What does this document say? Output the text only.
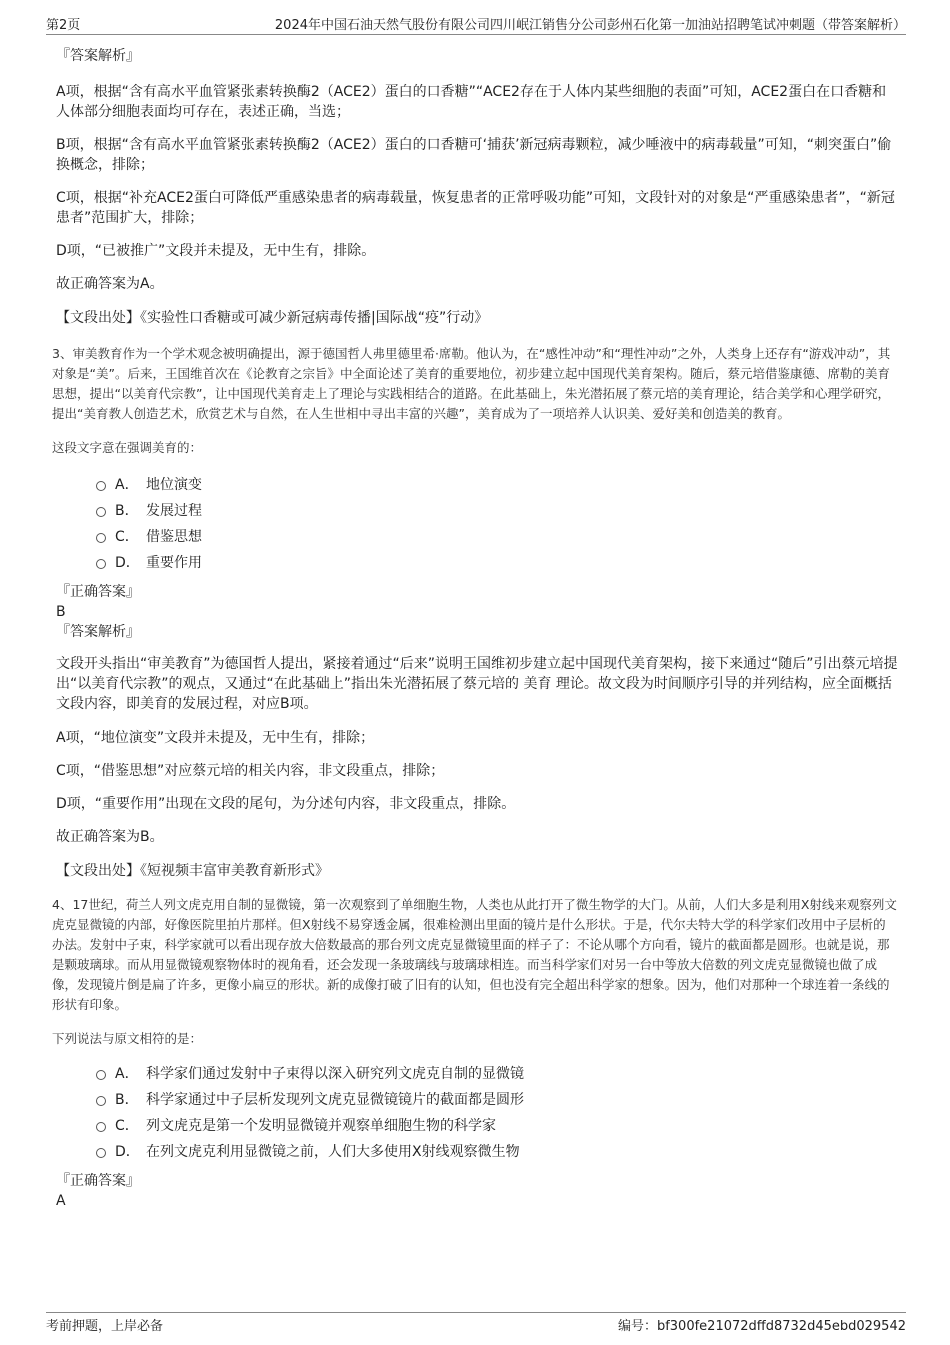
第2页	2024年中国石油天然气股份有限公司四川岷江销售分公司彭州石化第一加油站招聘笔试冲刺题（带答案解析）

『答案解析』

A项，根据“含有高水平血管紧张素转换酶2（ACE2）蛋白的口香糖”“ACE2存在于人体内某些细胞的表面”可知，ACE2蛋白在口香糖和人体部分细胞表面均可存在，表述正确，当选；

B项，根据“含有高水平血管紧张素转换酶2（ACE2）蛋白的口香糖可‘捕获’新冠病毒颗粒，减少唾液中的病毒载量”可知，“刺突蛋白”偷换概念，排除；

C项，根据“补充ACE2蛋白可降低严重感染患者的病毒载量，恢复患者的正常呼吸功能”可知，文段针对的对象是“严重感染患者”，“新冠患者”范围扩大，排除；

D项，“已被推广”文段并未提及，无中生有，排除。

故正确答案为A。

【文段出处】《实验性口香糖或可减少新冠病毒传播|国际战“疫”行动》

3、审美教育作为一个学术观念被明确提出，源于德国哲人弗里德里希·席勒。他认为，在“感性冲动”和“理性冲动”之外，人类身上还存有“游戏冲动”，其对象是“美”。后来，王国维首次在《论教育之宗旨》中全面论述了美育的重要地位，初步建立起中国现代美育架构。随后，蔡元培借鉴康德、席勒的美育思想，提出“以美育代宗教”，让中国现代美育走上了理论与实践相结合的道路。在此基础上，朱光潜拓展了蔡元培的美育理论，结合美学和心理学研究，提出“美育教人创造艺术，欣赏艺术与自然，在人生世相中寻出丰富的兴趣”，美育成为了一项培养人认识美、爱好美和创造美的教育。

这段文字意在强调美育的：

A． 地位演变
B． 发展过程
C． 借鉴思想
D． 重要作用

『正确答案』

B

『答案解析』

文段开头指出“审美教育”为德国哲人提出，紧接着通过“后来”说明王国维初步建立起中国现代美育架构，接下来通过“随后”引出蔡元培提出“以美育代宗教”的观点，又通过“在此基础上”指出朱光潜拓展了蔡元培的 美育 理论。故文段为时间顺序引导的并列结构，应全面概括文段内容，即美育的发展过程，对应B项。

A项，“地位演变”文段并未提及，无中生有，排除；

C项，“借鉴思想”对应蔡元培的相关内容，非文段重点，排除；

D项，“重要作用”出现在文段的尾句，为分述句内容，非文段重点，排除。

故正确答案为B。

【文段出处】《短视频丰富审美教育新形式》

4、17世纪，荷兰人列文虎克用自制的显微镜，第一次观察到了单细胞生物，人类也从此打开了微生物学的大门。从前，人们大多是利用X射线来观察列文虎克显微镜的内部，好像医院里拍片那样。但X射线不易穿透金属，很难检测出里面的镜片是什么形状。于是，代尔夫特大学的科学家们改用中子层析的办法。发射中子束，科学家就可以看出现存放大倍数最高的那台列文虎克显微镜里面的样子了：不论从哪个方向看，镜片的截面都是圆形。也就是说，那是颗玻璃球。而从用显微镜观察物体时的视角看，还会发现一条玻璃线与玻璃球相连。而当科学家们对另一台中等放大倍数的列文虎克显微镜也做了成像，发现镜片倒是扁了许多，更像小扁豆的形状。新的成像打破了旧有的认知，但也没有完全超出科学家的想象。因为，他们对那种一个球连着一条线的形状有印象。

下列说法与原文相符的是：

A． 科学家们通过发射中子束得以深入研究列文虎克自制的显微镜
B． 科学家通过中子层析发现列文虎克显微镜镜片的截面都是圆形
C． 列文虎克是第一个发明显微镜并观察单细胞生物的科学家
D． 在列文虎克利用显微镜之前，人们大多使用X射线观察微生物

『正确答案』

A

考前押题，上岸必备	编号：bf300fe21072dffd8732d45ebd029542
